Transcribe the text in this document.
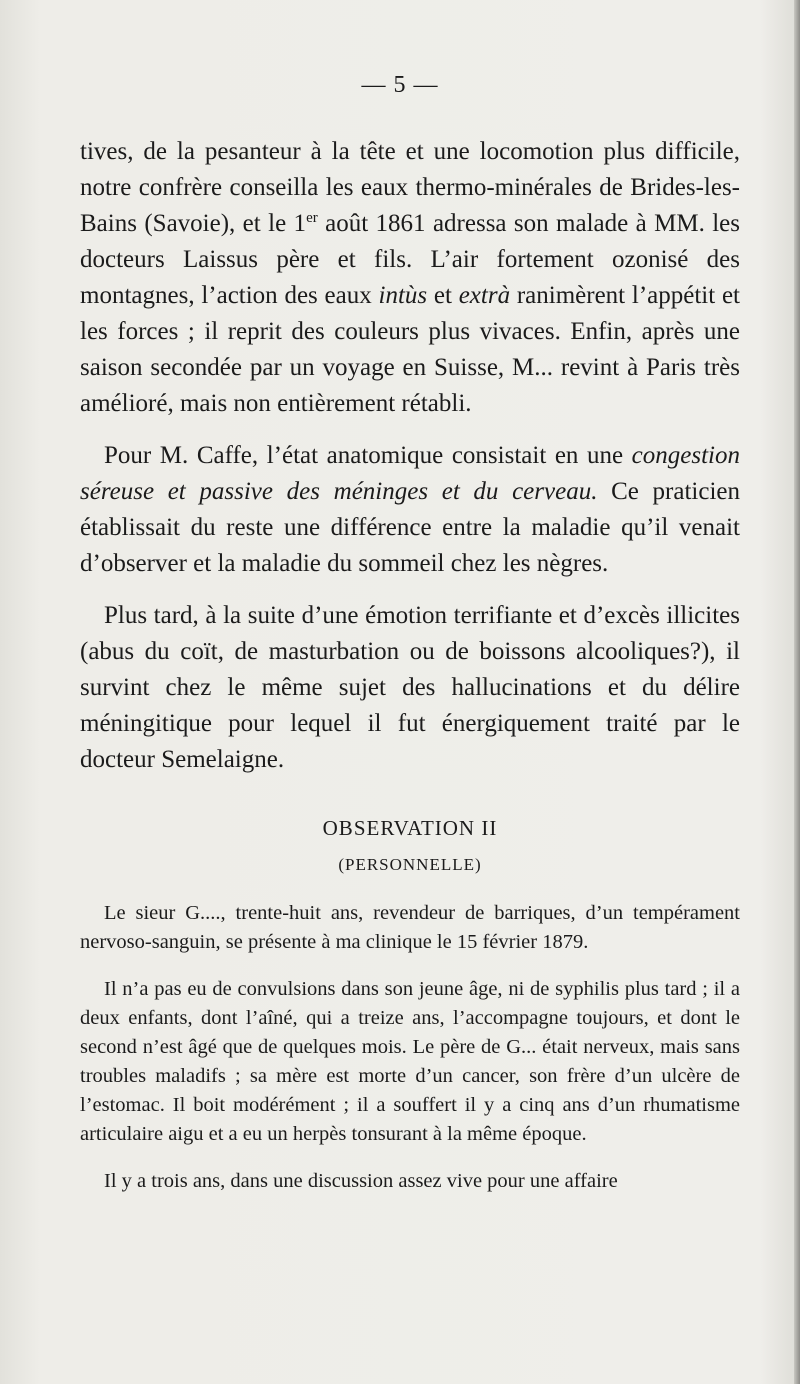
— 5 —

tives, de la pesanteur à la tête et une locomotion plus difficile, notre confrère conseilla les eaux thermo-minérales de Brides-les-Bains (Savoie), et le 1er août 1861 adressa son malade à MM. les docteurs Laissus père et fils. L’air fortement ozonisé des montagnes, l’action des eaux intùs et extrà ranimèrent l’appétit et les forces ; il reprit des couleurs plus vivaces. Enfin, après une saison secondée par un voyage en Suisse, M... revint à Paris très amélioré, mais non entièrement rétabli.

Pour M. Caffe, l’état anatomique consistait en une congestion séreuse et passive des méninges et du cerveau. Ce praticien établissait du reste une différence entre la maladie qu’il venait d’observer et la maladie du sommeil chez les nègres.

Plus tard, à la suite d’une émotion terrifiante et d’excès illicites (abus du coït, de masturbation ou de boissons alcooliques?), il survint chez le même sujet des hallucinations et du délire méningitique pour lequel il fut énergiquement traité par le docteur Semelaigne.

OBSERVATION II
(PERSONNELLE)

Le sieur G...., trente-huit ans, revendeur de barriques, d’un tempérament nervoso-sanguin, se présente à ma clinique le 15 février 1879.

Il n’a pas eu de convulsions dans son jeune âge, ni de syphilis plus tard ; il a deux enfants, dont l’aîné, qui a treize ans, l’accompagne toujours, et dont le second n’est âgé que de quelques mois. Le père de G... était nerveux, mais sans troubles maladifs ; sa mère est morte d’un cancer, son frère d’un ulcère de l’estomac. Il boit modérément ; il a souffert il y a cinq ans d’un rhumatisme articulaire aigu et a eu un herpès tonsurant à la même époque.

Il y a trois ans, dans une discussion assez vive pour une affaire
